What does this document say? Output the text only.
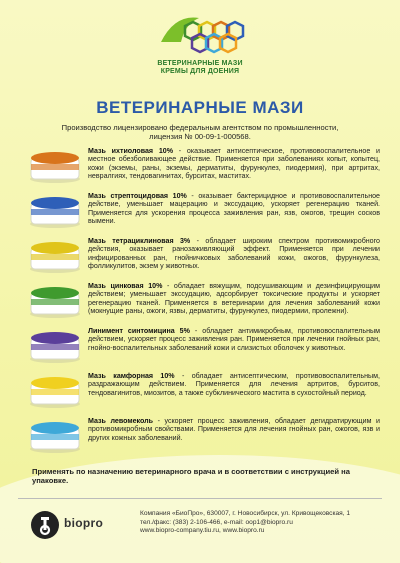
ВЕТЕРИНАРНЫЕ МАЗИ
КРЕМЫ ДЛЯ ДОЕНИЯ
ВЕТЕРИНАРНЫЕ МАЗИ
Производство лицензировано федеральным агентством по промышленности,
лицензия № 00-09-1-000568.
Мазь ихтиоловая 10% - оказывает антисептическое, противовоспалительное и местное обезболивающее действие. Применяется при заболеваниях копыт, копытец, кожи (экземы, раны, экземы, дерматиты, фурункулез, пиодермия), при артритах, невралгиях, тендовагинитах, бурситах, маститах.
Мазь стрептоцидовая 10% - оказывает бактерицидное и противовоспалительное действие, уменьшает мацерацию и экссудацию, ускоряет регенерацию тканей. Применяется для ускорения процесса заживления ран, язв, ожогов, трещин сосков вымени.
Мазь тетрациклиновая 3% - обладает широким спектром противомикробного действия, оказывает ранозаживляющий эффект. Применяется при лечении инфицированных ран, гнойничковых заболеваний кожи, ожогов, фурункулеза, фолликулитов, экзем у животных.
Мазь цинковая 10% - обладает вяжущим, подсушивающим и дезинфицирующим действием; уменьшает экссудацию, адсорбирует токсические продукты и ускоряет регенерацию тканей. Применяется в ветеринарии для лечения заболеваний кожи (мокнущие раны, ожоги, язвы, дерматиты, фурункулез, пиодермии, пролежни).
Линимент синтомицина 5% - обладает антимикробным, противовоспалительным действием, ускоряет процесс заживления ран. Применяется при лечении гнойных ран, гнойно-воспалительных заболеваний кожи и слизистых оболочек у животных.
Мазь камфорная 10% - обладает антисептическим, противовоспалительным, раздражающим действием. Применяется для лечения артритов, бурситов, тендовагинитов, миозитов, а также субклинического мастита в сухостойный период.
Мазь левомеколь - ускоряет процесс заживления, обладает дегидратирующим и противомикробным свойствами. Применяется для лечения гнойных ран, ожогов, язв и других кожных заболеваний.
Применять по назначению ветеринарного врача и в соответствии с инструкцией на упаковке.
biopro
Компания «БиоПро», 630007, г. Новосибирск, ул. Кривощековская, 1
тел./факс: (383) 2-106-466, e-mail: oop1@biopro.ru
www.biopro-company.tiu.ru, www.biopro.ru
